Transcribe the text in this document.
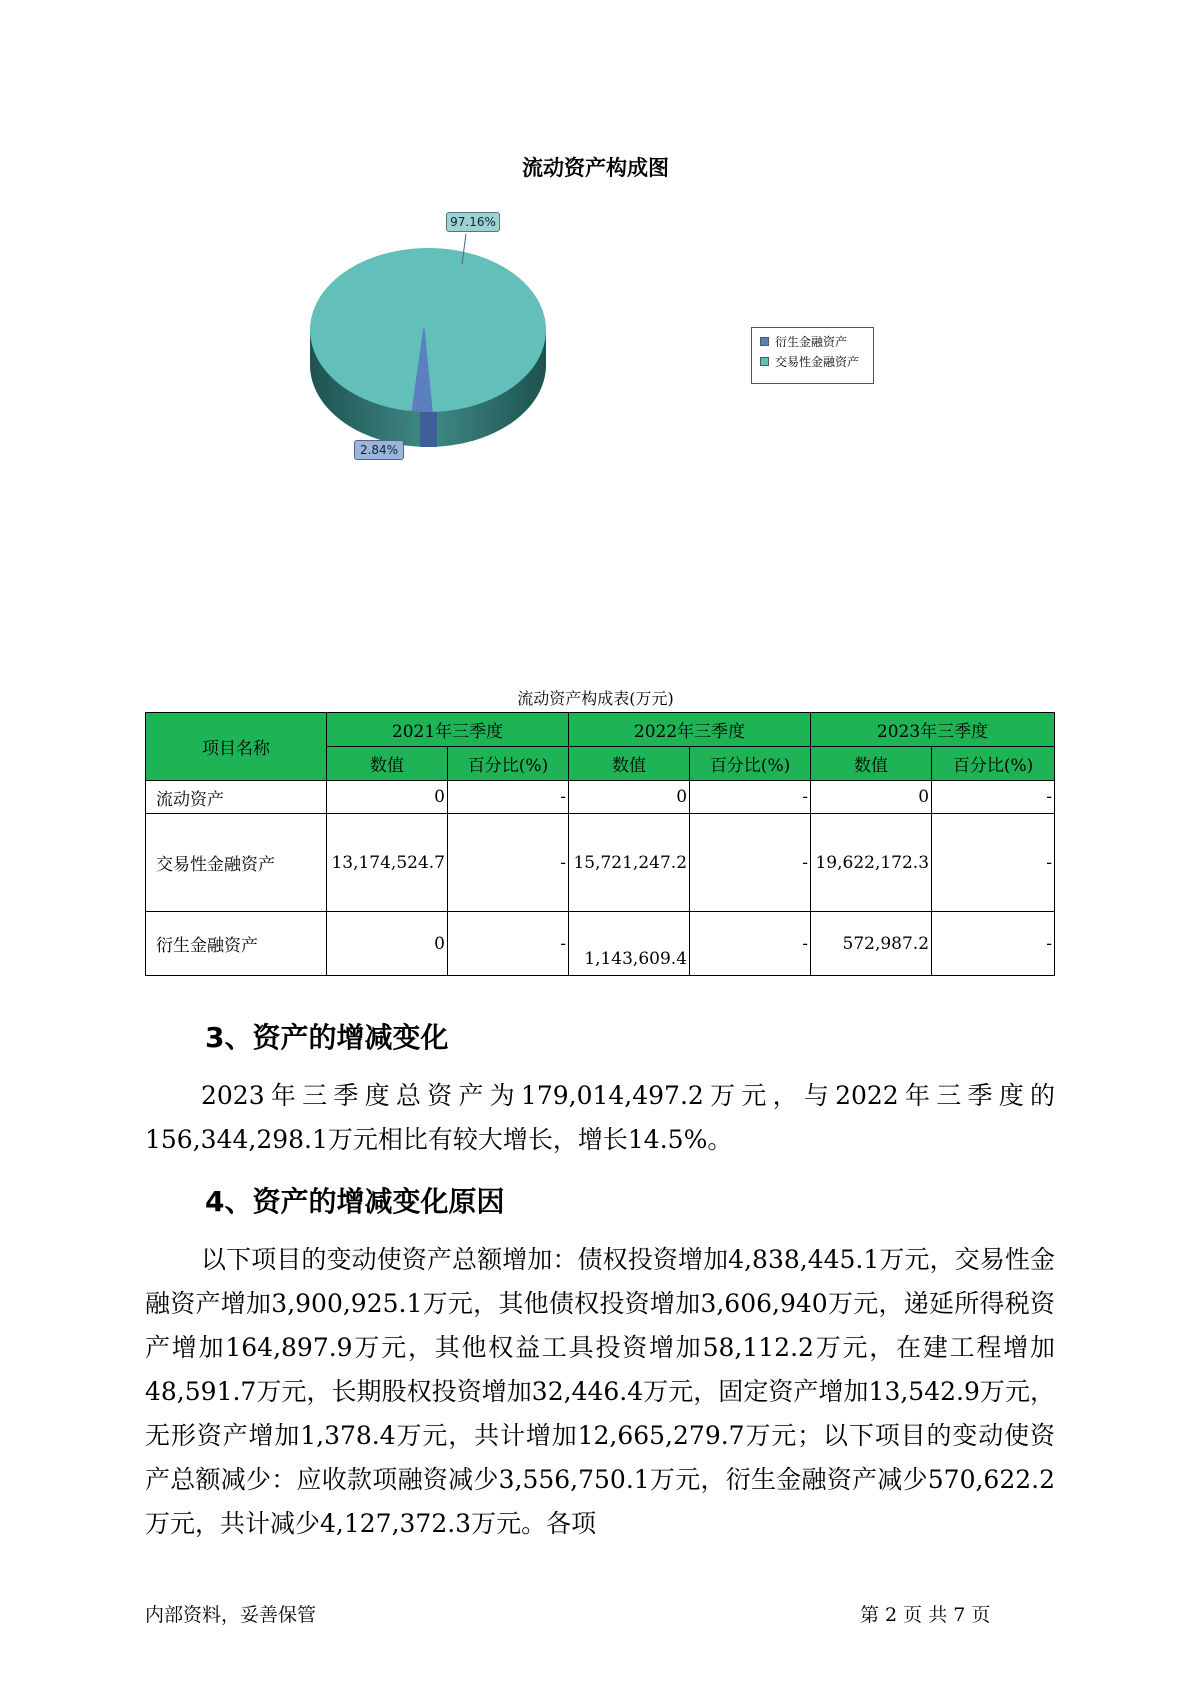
流动资产构成图
97.16%
2.84%
衍生金融资产
交易性金融资产
流动资产构成表(万元)
项目名称	2021年三季度		2022年三季度		2023年三季度	
	数值	百分比(%)	数值	百分比(%)	数值	百分比(%)
流动资产	0	-	0	-	0	-
交易性金融资产	13,174,524.7	-	15,721,247.2	-	19,622,172.3	-
衍生金融资产	0	-	1,143,609.4	-	572,987.2	-
3、资产的增减变化

2023年三季度总资产为179,014,497.2万元，与2022年三季度的156,344,298.1万元相比有较大增长，增长14.5%。

4、资产的增减变化原因

以下项目的变动使资产总额增加：债权投资增加4,838,445.1万元，交易性金融资产增加3,900,925.1万元，其他债权投资增加3,606,940万元，递延所得税资产增加164,897.9万元，其他权益工具投资增加58,112.2万元，在建工程增加48,591.7万元，长期股权投资增加32,446.4万元，固定资产增加13,542.9万元，无形资产增加1,378.4万元，共计增加12,665,279.7万元；以下项目的变动使资产总额减少：应收款项融资减少3,556,750.1万元，衍生金融资产减少570,622.2万元，共计减少4,127,372.3万元。各项

内部资料，妥善保管	第 2 页 共 7 页
